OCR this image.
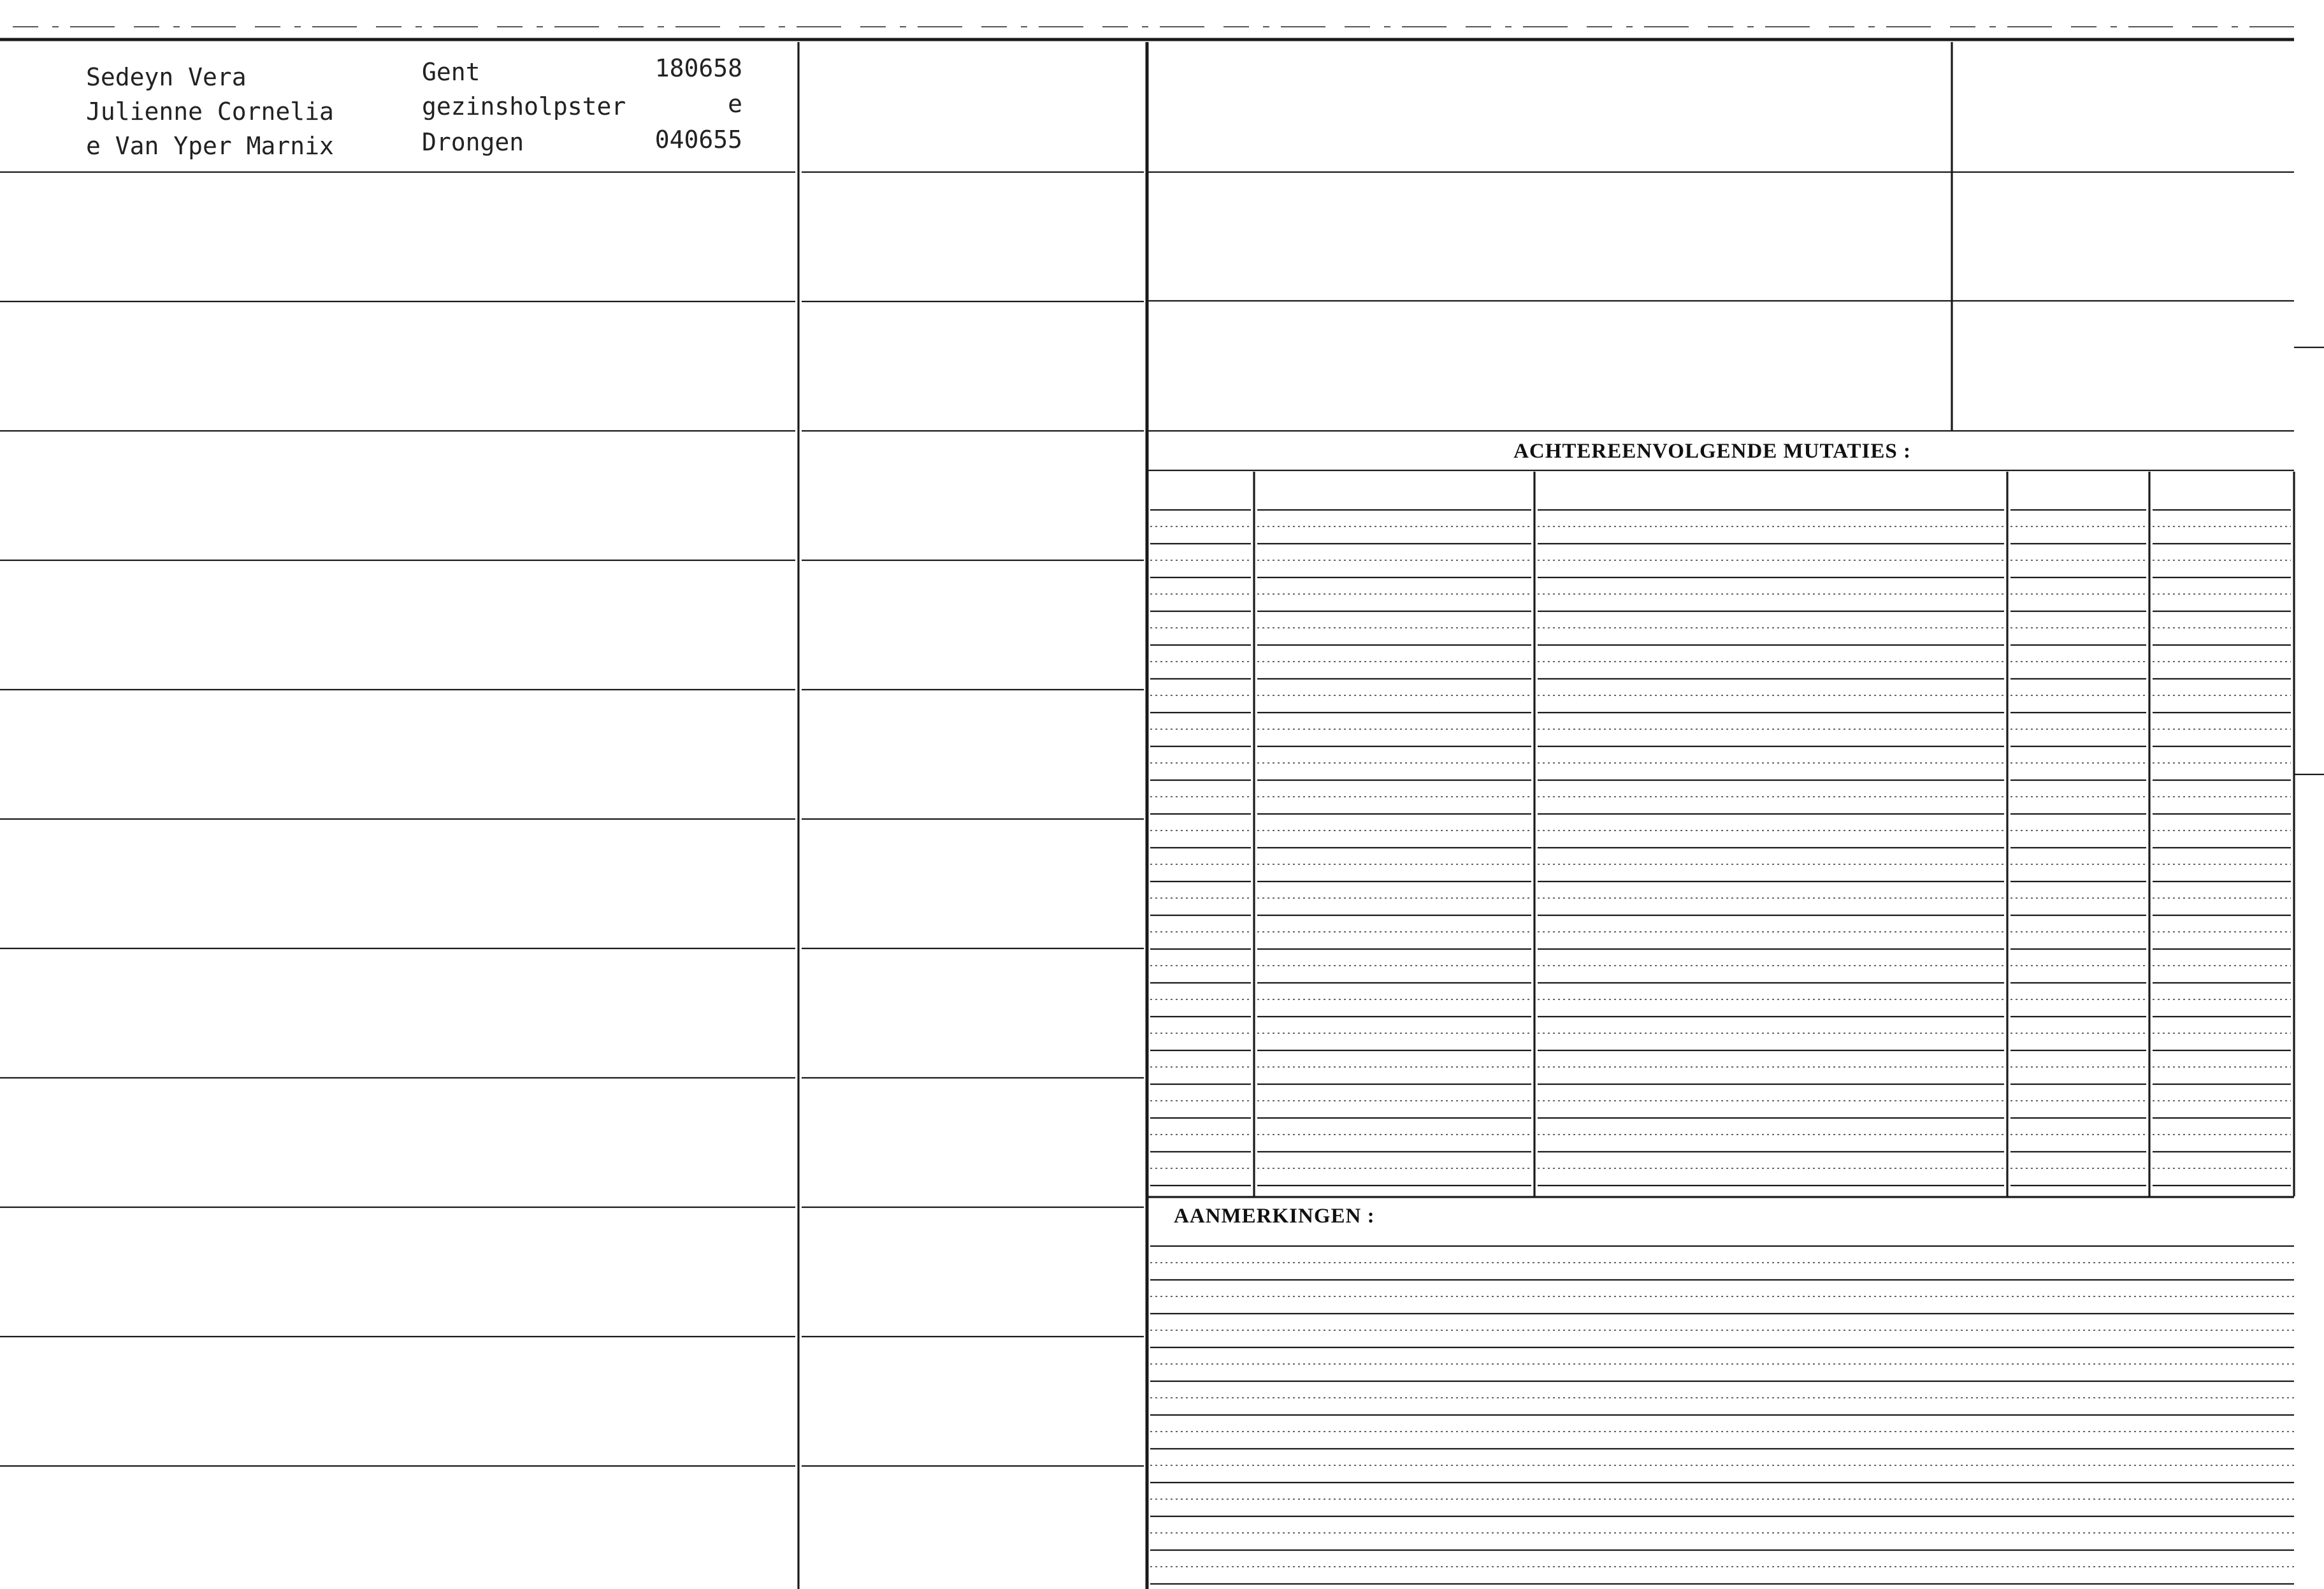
ACHTEREENVOLGENDE MUTATIES :
AANMERKINGEN :
Sedeyn Vera
Julienne Cornelia
e Van Yper Marnix
Gent
gezinsholpster
Drongen
180658
e
040655
